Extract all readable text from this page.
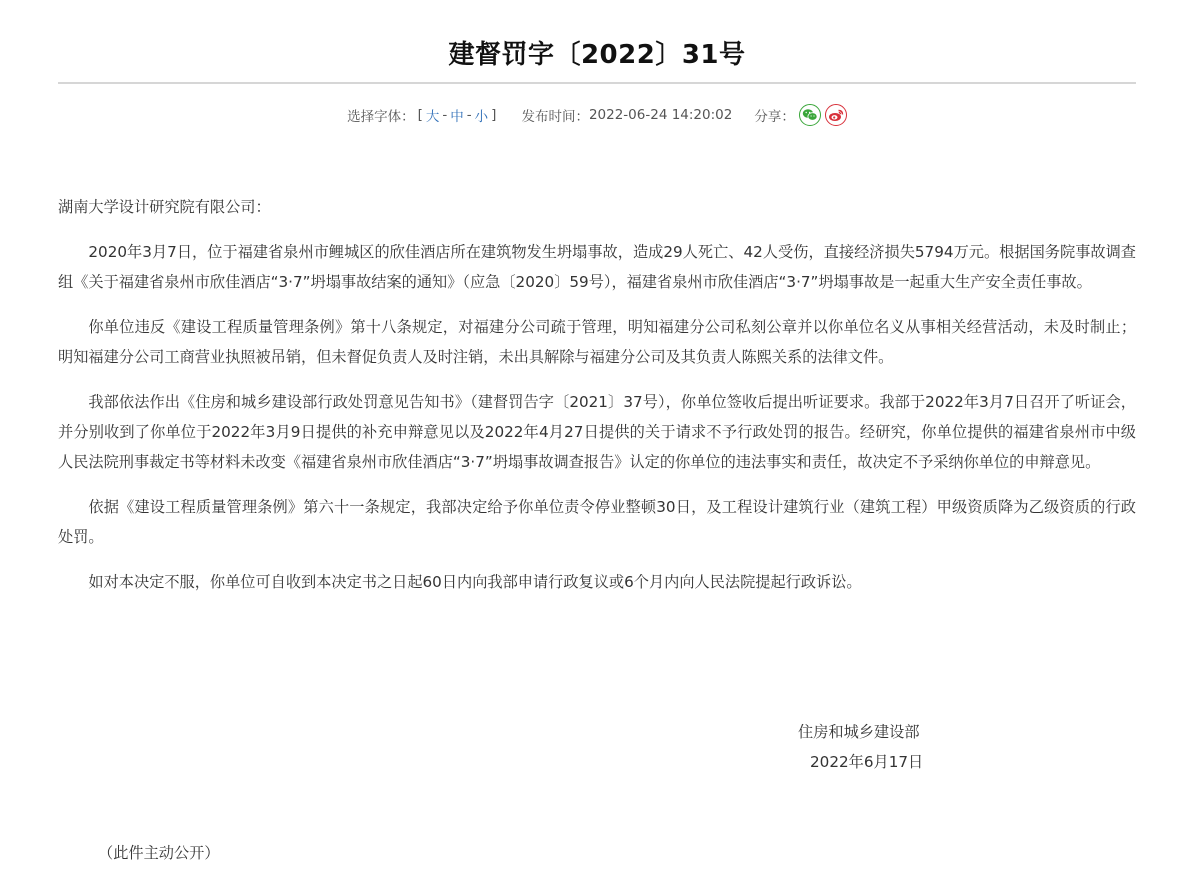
建督罚字〔2022〕31号
选择字体： [ 大 - 中 - 小 ] 发布时间： 2022-06-24 14:20:02 分享：

湖南大学设计研究院有限公司：

2020年3月7日，位于福建省泉州市鲤城区的欣佳酒店所在建筑物发生坍塌事故，造成29人死亡、42人受伤，直接经济损失5794万元。根据国务院事故调查组《关于福建省泉州市欣佳酒店“3·7”坍塌事故结案的通知》（应急〔2020〕59号），福建省泉州市欣佳酒店“3·7”坍塌事故是一起重大生产安全责任事故。

你单位违反《建设工程质量管理条例》第十八条规定，对福建分公司疏于管理，明知福建分公司私刻公章并以你单位名义从事相关经营活动，未及时制止；明知福建分公司工商营业执照被吊销，但未督促负责人及时注销，未出具解除与福建分公司及其负责人陈熙关系的法律文件。

我部依法作出《住房和城乡建设部行政处罚意见告知书》（建督罚告字〔2021〕37号），你单位签收后提出听证要求。我部于2022年3月7日召开了听证会，并分别收到了你单位于2022年3月9日提供的补充申辩意见以及2022年4月27日提供的关于请求不予行政处罚的报告。经研究，你单位提供的福建省泉州市中级人民法院刑事裁定书等材料未改变《福建省泉州市欣佳酒店“3·7”坍塌事故调查报告》认定的你单位的违法事实和责任，故决定不予采纳你单位的申辩意见。

依据《建设工程质量管理条例》第六十一条规定，我部决定给予你单位责令停业整顿30日，及工程设计建筑行业（建筑工程）甲级资质降为乙级资质的行政处罚。

如对本决定不服，你单位可自收到本决定书之日起60日内向我部申请行政复议或6个月内向人民法院提起行政诉讼。

住房和城乡建设部
2022年6月17日
（此件主动公开）
